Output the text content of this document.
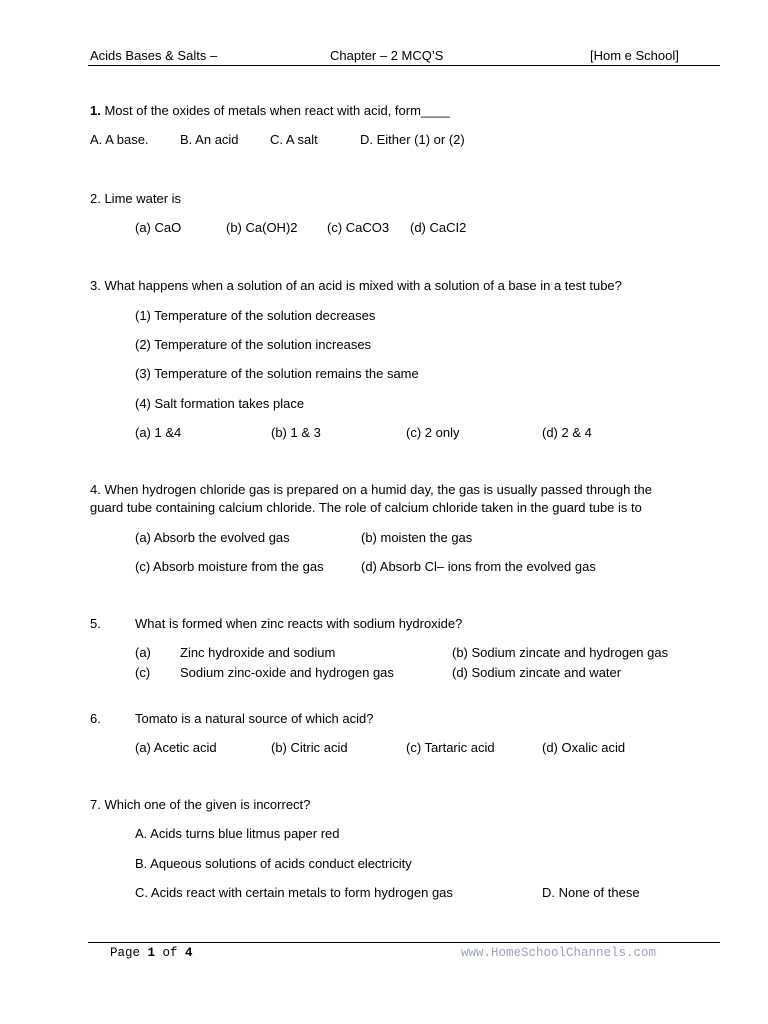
Acids Bases & Salts –	Chapter – 2 MCQ’S	[Hom e School]
1. Most of the oxides of metals when react with acid, form____
A. A base. B. An acid C. A salt	D. Either (1) or (2)
2. Lime water is
(a) CaO	(b) Ca(OH)2 (c) CaCO3 (d) CaCI2
3. What happens when a solution of an acid is mixed with a solution of a base in a test tube?
(1) Temperature of the solution decreases
(2) Temperature of the solution increases
(3) Temperature of the solution remains the same
(4) Salt formation takes place
(a) 1 &4	(b) 1 & 3	(c) 2 only	(d) 2 & 4
4. When hydrogen chloride gas is prepared on a humid day, the gas is usually passed through the
guard tube containing calcium chloride. The role of calcium chloride taken in the guard tube is to
(a) Absorb the evolved gas	(b) moisten the gas
(c) Absorb moisture from the gas	(d) Absorb Cl– ions from the evolved gas
5.	What is formed when zinc reacts with sodium hydroxide?
(a) Zinc hydroxide and sodium	(b) Sodium zincate and hydrogen gas
(c) Sodium zinc-oxide and hydrogen gas	(d) Sodium zincate and water
6.	Tomato is a natural source of which acid?
(a) Acetic acid	(b) Citric acid	(c) Tartaric acid	(d) Oxalic acid
7. Which one of the given is incorrect?
A. Acids turns blue litmus paper red
B. Aqueous solutions of acids conduct electricity
C. Acids react with certain metals to form hydrogen gas	D. None of these
Page 1 of 4	www.HomeSchoolChannels.com
